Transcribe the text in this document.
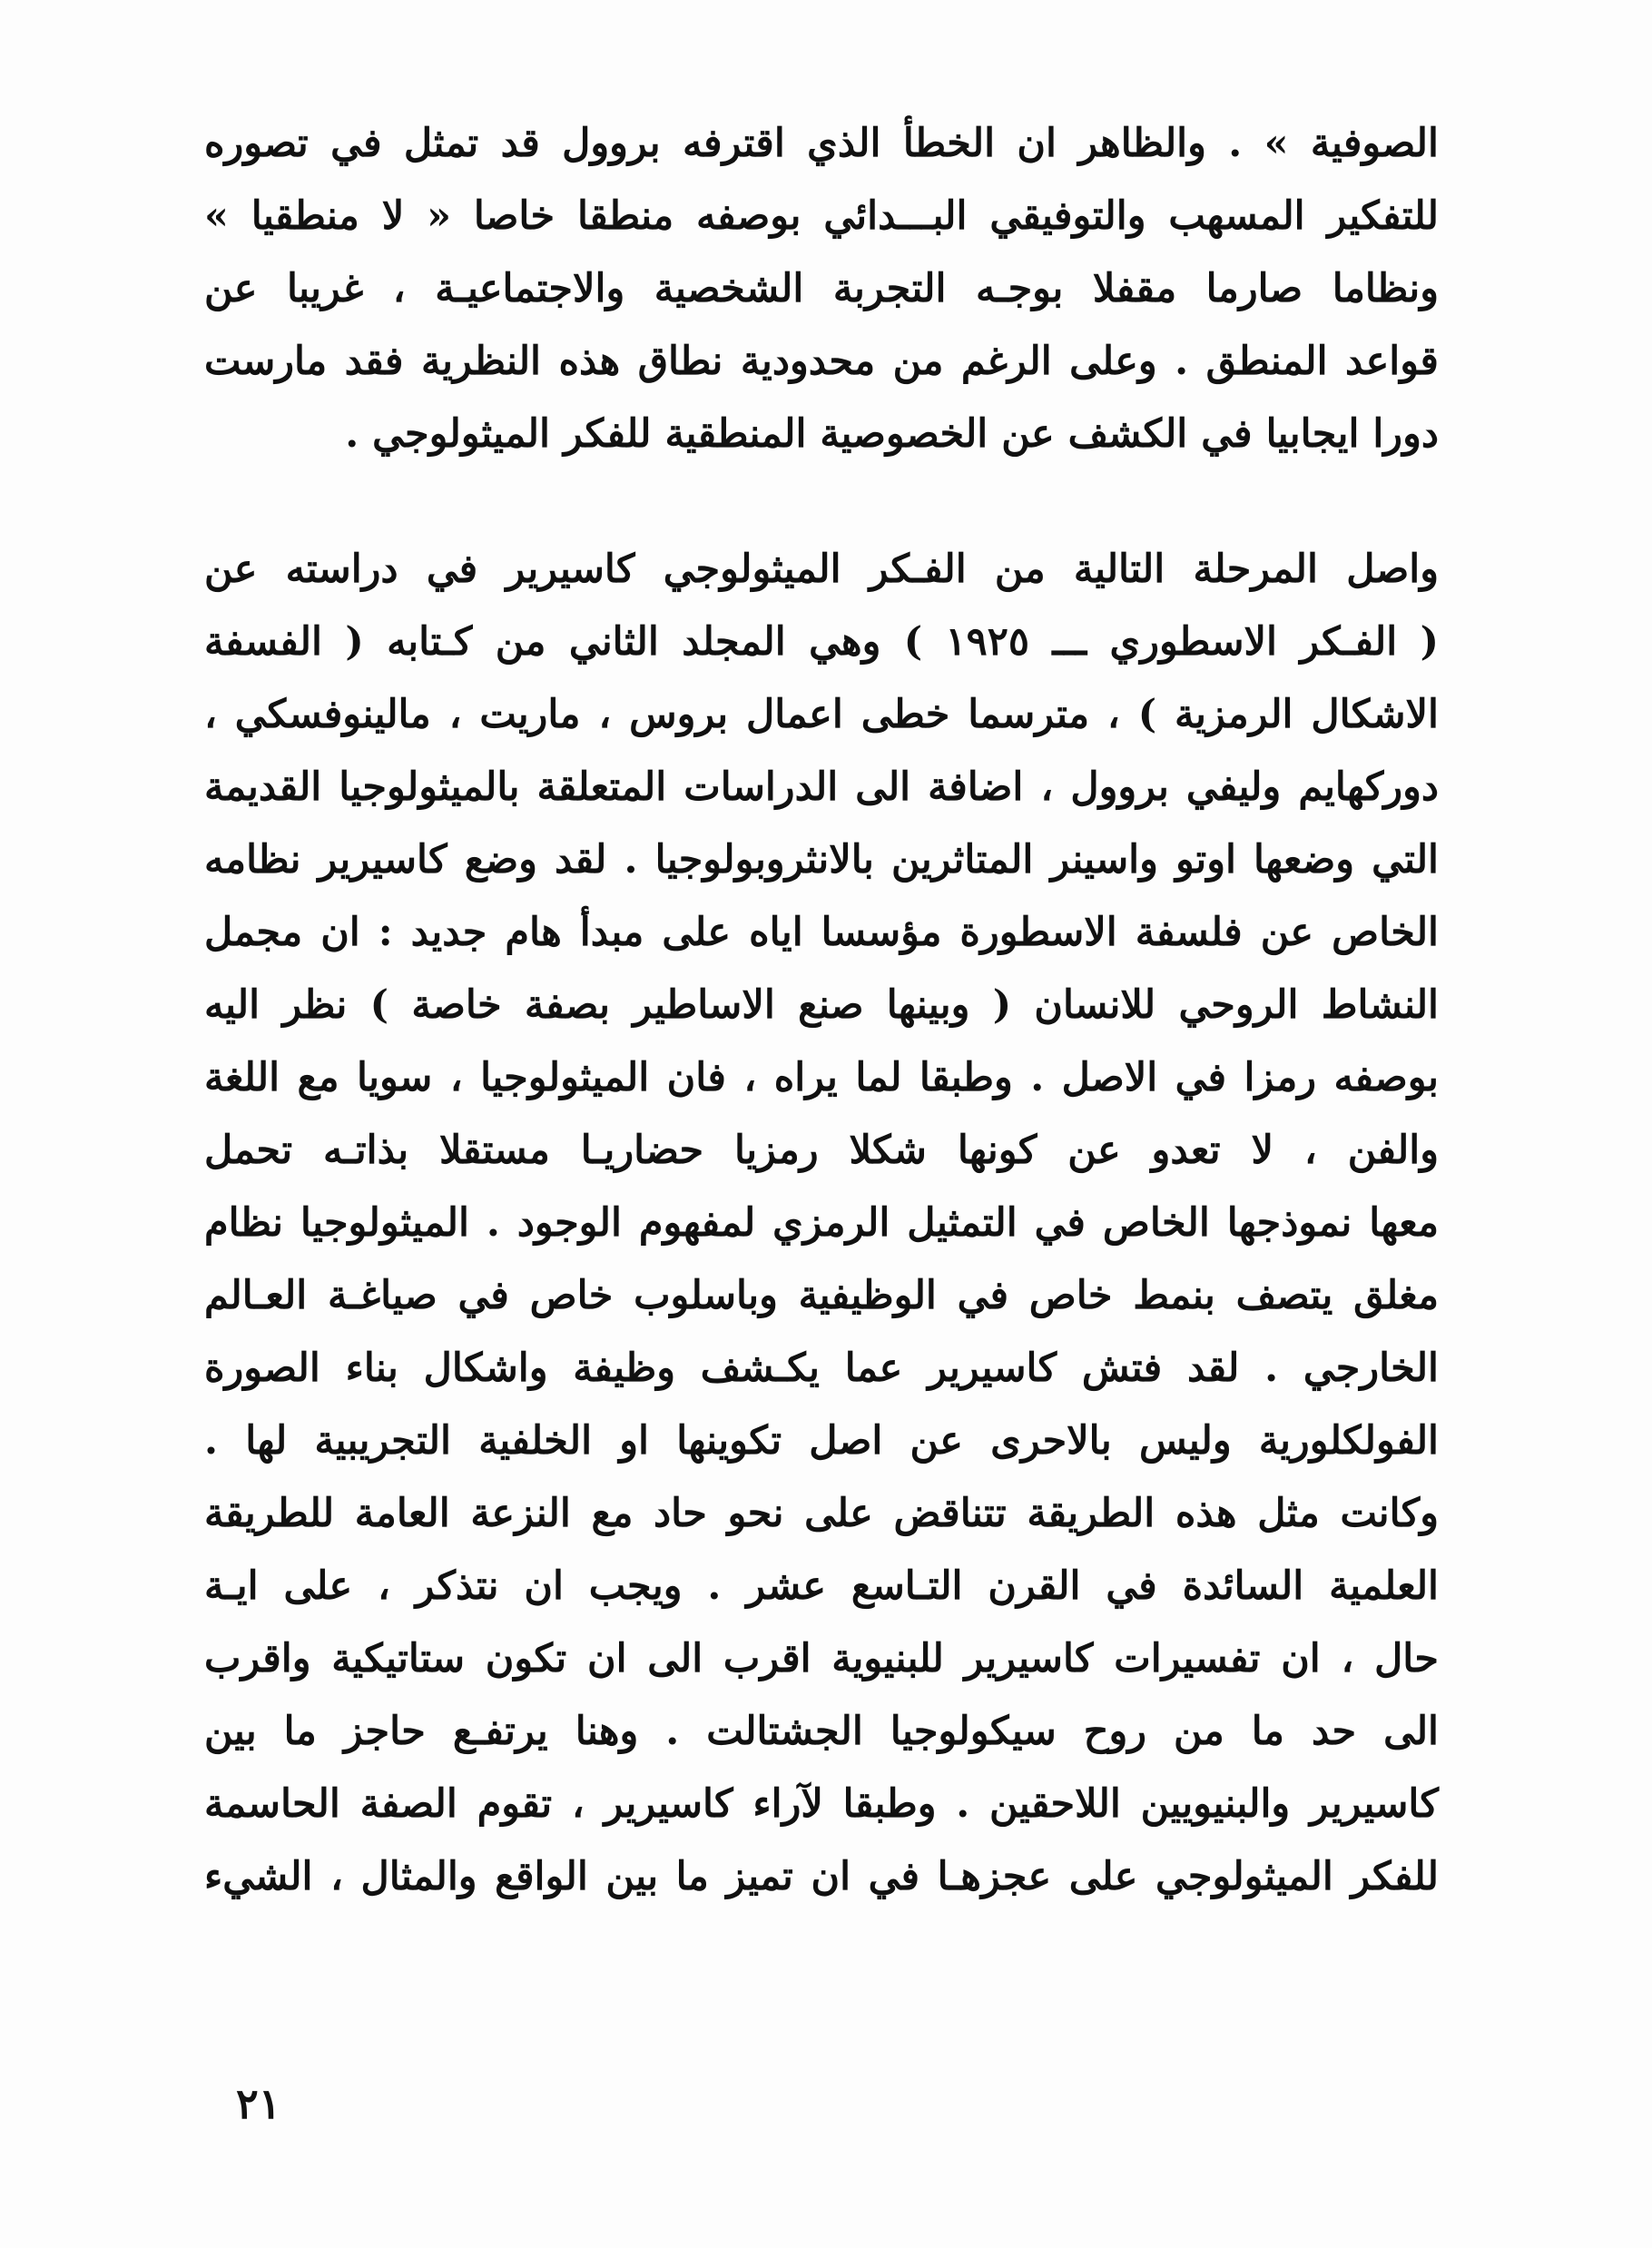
الصوفية » . والظاهر ان الخطأ الذي اقترفه بروول قد تمثل في تصوره
للتفكير المسهب والتوفيقي البـــدائي بوصفه منطقا خاصا « لا منطقيا »
ونظاما صارما مقفلا بوجـه التجربة الشخصية والاجتماعيـة ، غريبا عن
قواعد المنطق . وعلى الرغم من محدودية نطاق هذه النظرية فقد مارست
دورا ايجابيا في الكشف عن الخصوصية المنطقية للفكر الميثولوجي .
واصل المرحلة التالية من الفـكر الميثولوجي كاسيرير في دراسته عن
( الفـكر الاسطوري ـــ ١٩٢٥ ) وهي المجلد الثاني من كـتابه ( الفسفة
الاشكال الرمزية ) ، مترسما خطى اعمال بروس ، ماريت ، مالينوفسكي ،
دوركهايم وليفي بروول ، اضافة الى الدراسات المتعلقة بالميثولوجيا القديمة
التي وضعها اوتو واسينر المتاثرين بالانثروبولوجيا . لقد وضع كاسيرير نظامه
الخاص عن فلسفة الاسطورة مؤسسا اياه على مبدأ هام جديد : ان مجمل
النشاط الروحي للانسان ( وبينها صنع الاساطير بصفة خاصة ) نظر اليه
بوصفه رمزا في الاصل . وطبقا لما يراه ، فان الميثولوجيا ، سويا مع اللغة
والفن ، لا تعدو عن كونها شكلا رمزيا حضاريـا مستقلا بذاتـه تحمل
معها نموذجها الخاص في التمثيل الرمزي لمفهوم الوجود . الميثولوجيا نظام
مغلق يتصف بنمط خاص في الوظيفية وباسلوب خاص في صياغـة العـالم
الخارجي . لقد فتش كاسيرير عما يكـشف وظيفة واشكال بناء الصورة
الفولكلورية وليس بالاحرى عن اصل تكوينها او الخلفية التجريبية لها .
وكانت مثل هذه الطريقة تتناقض على نحو حاد مع النزعة العامة للطريقة
العلمية السائدة في القرن التـاسع عشر . ويجب ان نتذكر ، على ايـة
حال ، ان تفسيرات كاسيرير للبنيوية اقرب الى ان تكون ستاتيكية واقرب
الى حد ما من روح سيكولوجيا الجشتالت . وهنا يرتفـع حاجز ما بين
كاسيرير والبنيويين اللاحقين . وطبقا لآراء كاسيرير ، تقوم الصفة الحاسمة
للفكر الميثولوجي على عجزهـا في ان تميز ما بين الواقع والمثال ، الشيء
٢١
